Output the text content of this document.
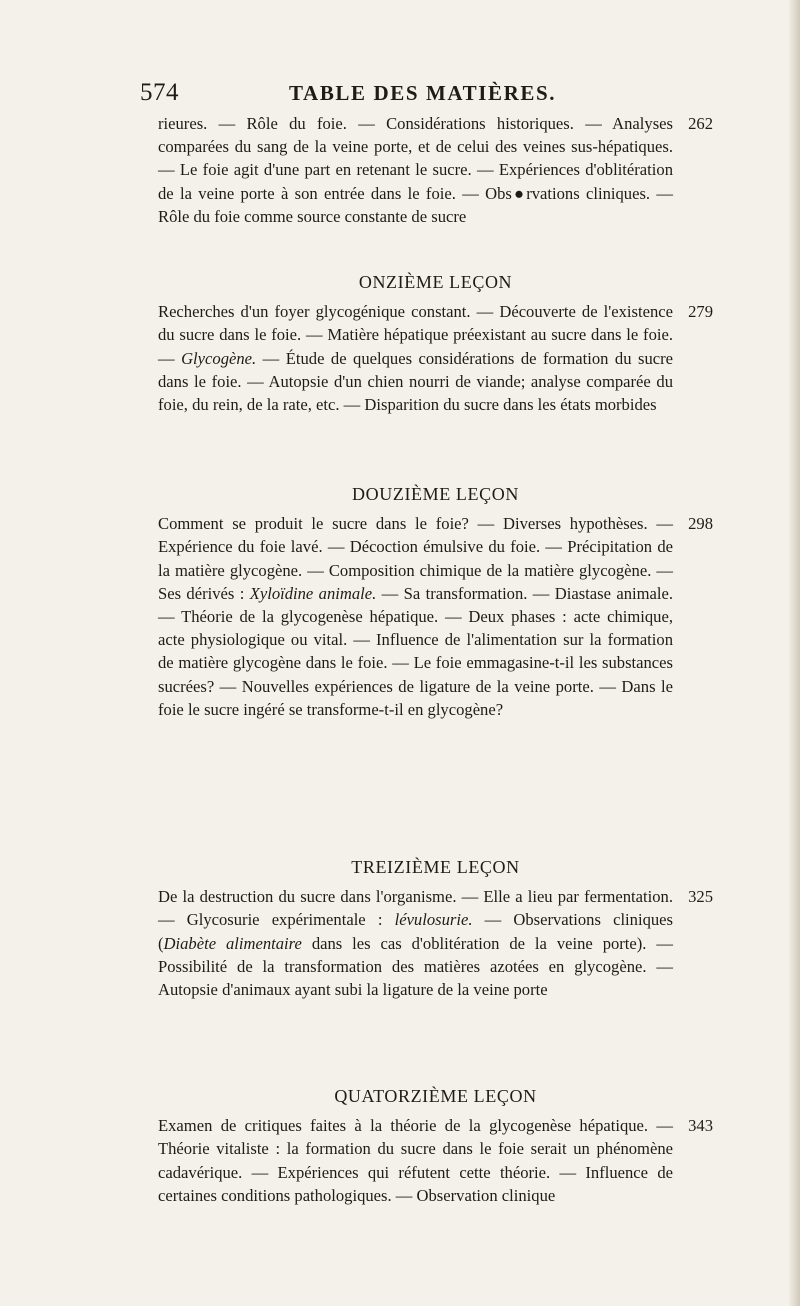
574	TABLE DES MATIÈRES.
rieures. — Rôle du foie. — Considérations historiques. — Analyses comparées du sang de la veine porte, et de celui des veines sus-hépatiques. — Le foie agit d'une part en retenant le sucre. — Expériences d'oblitération de la veine porte à son entrée dans le foie. — Obs●rvations cliniques. — Rôle du foie comme source constante de sucre
262

ONZIÈME LEÇON

Recherches d'un foyer glycogénique constant. — Découverte de l'existence du sucre dans le foie. — Matière hépatique préexistant au sucre dans le foie. — Glycogène. — Étude de quelques considérations de formation du sucre dans le foie. — Autopsie d'un chien nourri de viande; analyse comparée du foie, du rein, de la rate, etc. — Disparition du sucre dans les états morbides
279

DOUZIÈME LEÇON

Comment se produit le sucre dans le foie? — Diverses hypothèses. — Expérience du foie lavé. — Décoction émulsive du foie. — Précipitation de la matière glycogène. — Composition chimique de la matière glycogène. — Ses dérivés : Xyloïdine animale. — Sa transformation. — Diastase animale. — Théorie de la glycogenèse hépatique. — Deux phases : acte chimique, acte physiologique ou vital. — Influence de l'alimentation sur la formation de matière glycogène dans le foie. — Le foie emmagasine-t-il les substances sucrées? — Nouvelles expériences de ligature de la veine porte. — Dans le foie le sucre ingéré se transforme-t-il en glycogène?
298

TREIZIÈME LEÇON

De la destruction du sucre dans l'organisme. — Elle a lieu par fermentation. — Glycosurie expérimentale : lévulosurie. — Observations cliniques (Diabète alimentaire dans les cas d'oblitération de la veine porte). — Possibilité de la transformation des matières azotées en glycogène. — Autopsie d'animaux ayant subi la ligature de la veine porte
325

QUATORZIÈME LEÇON

Examen de critiques faites à la théorie de la glycogenèse hépatique. — Théorie vitaliste : la formation du sucre dans le foie serait un phénomène cadavérique. — Expériences qui réfutent cette théorie. — Influence de certaines conditions pathologiques. — Observation clinique
343
